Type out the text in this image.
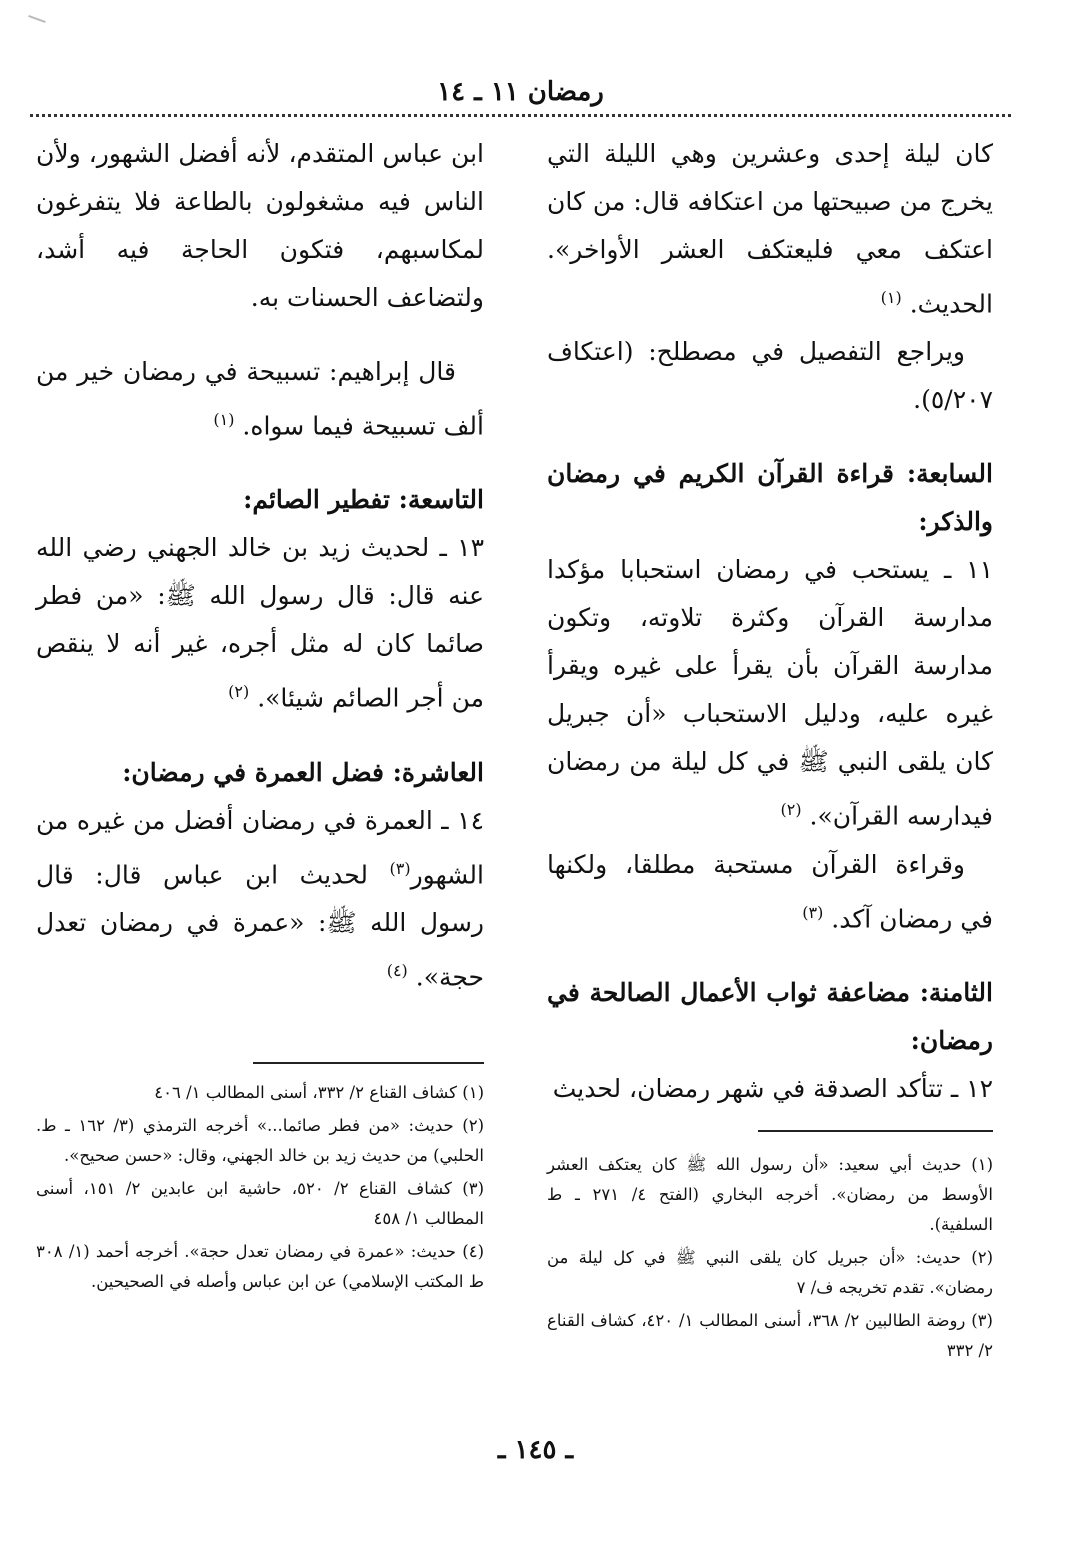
رمضان ١١ ـ ١٤

كان ليلة إحدى وعشرين وهي الليلة التي يخرج من صبيحتها من اعتكافه قال: من كان اعتكف معي فليعتكف العشر الأواخر». الحديث. $^{(١)}$

ويراجع التفصيل في مصطلح: (اعتكاف ٥/٢٠٧).

السابعة: قراءة القرآن الكريم في رمضان والذكر:

١١ ـ يستحب في رمضان استحبابا مؤكدا مدارسة القرآن وكثرة تلاوته، وتكون مدارسة القرآن بأن يقرأ على غيره ويقرأ غيره عليه، ودليل الاستحباب «أن جبريل كان يلقى النبي ﷺ في كل ليلة من رمضان فيدارسه القرآن». $^{(٢)}$

وقراءة القرآن مستحبة مطلقا، ولكنها في رمضان آكد. $^{(٣)}$

الثامنة: مضاعفة ثواب الأعمال الصالحة في رمضان:

١٢ ـ تتأكد الصدقة في شهر رمضان، لحديث

ابن عباس المتقدم، لأنه أفضل الشهور، ولأن الناس فيه مشغولون بالطاعة فلا يتفرغون لمكاسبهم، فتكون الحاجة فيه أشد، ولتضاعف الحسنات به.

قال إبراهيم: تسبيحة في رمضان خير من ألف تسبيحة فيما سواه. $^{(١)}$

التاسعة: تفطير الصائم:

١٣ ـ لحديث زيد بن خالد الجهني رضي الله عنه قال: قال رسول الله ﷺ: «من فطر صائما كان له مثل أجره، غير أنه لا ينقص من أجر الصائم شيئا». $^{(٢)}$

العاشرة: فضل العمرة في رمضان:

١٤ ـ العمرة في رمضان أفضل من غيره من الشهور$^{(٣)}$ لحديث ابن عباس قال: قال رسول الله ﷺ: «عمرة في رمضان تعدل حجة». $^{(٤)}$

(١) حديث أبي سعيد: «أن رسول الله ﷺ كان يعتكف العشر الأوسط من رمضان». أخرجه البخاري (الفتح ٤/ ٢٧١ ـ ط السلفية).

(٢) حديث: «أن جبريل كان يلقى النبي ﷺ في كل ليلة من رمضان». تقدم تخريجه ف/ ٧

(٣) روضة الطالبين ٢/ ٣٦٨، أسنى المطالب ١/ ٤٢٠، كشاف القناع ٢/ ٣٣٢

(١) كشاف القناع ٢/ ٣٣٢، أسنى المطالب ١/ ٤٠٦

(٢) حديث: «من فطر صائما...» أخرجه الترمذي (٣/ ١٦٢ ـ ط. الحلبي) من حديث زيد بن خالد الجهني، وقال: «حسن صحيح».

(٣) كشاف القناع ٢/ ٥٢٠، حاشية ابن عابدين ٢/ ١٥١، أسنى المطالب ١/ ٤٥٨

(٤) حديث: «عمرة في رمضان تعدل حجة». أخرجه أحمد (١/ ٣٠٨ ط المكتب الإسلامي) عن ابن عباس وأصله في الصحيحين.

ـ ١٤٥ ـ
